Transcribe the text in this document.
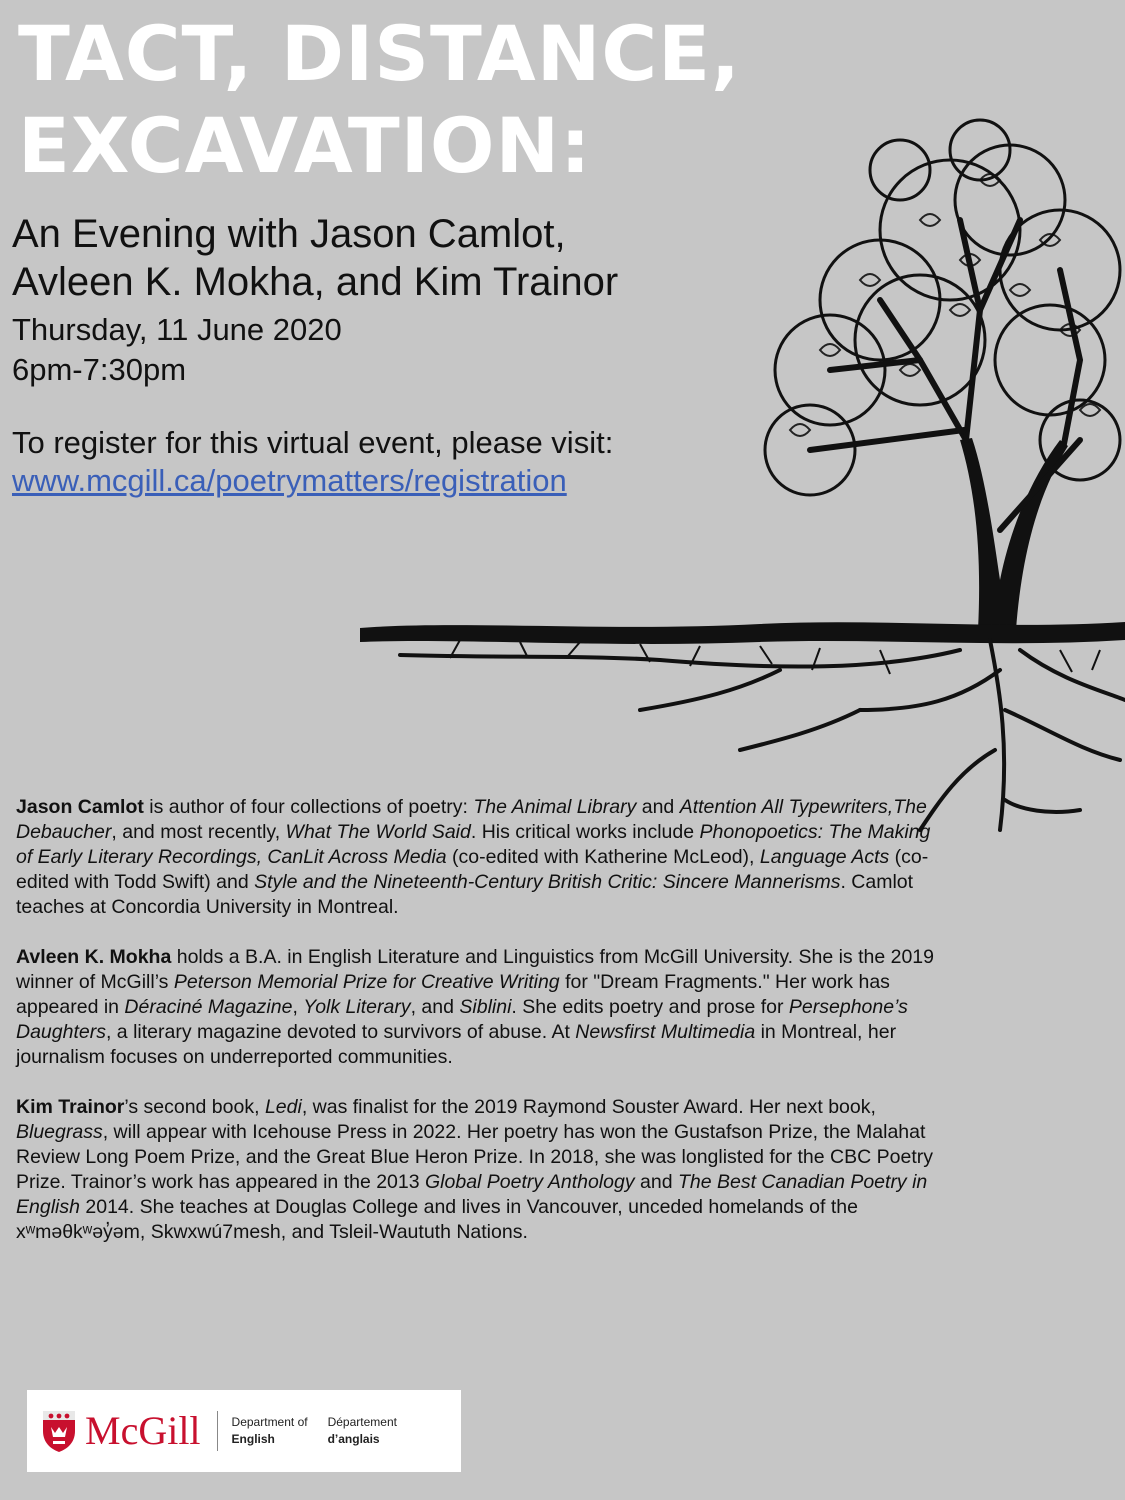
TACT, DISTANCE,
EXCAVATION:
An Evening with Jason Camlot,
Avleen K. Mokha, and Kim Trainor
Thursday, 11 June 2020
6pm-7:30pm
To register for this virtual event, please visit:
www.mcgill.ca/poetrymatters/registration

Jason Camlot is author of four collections of poetry: The Animal Library and Attention All Typewriters,The Debaucher, and most recently, What The World Said. His critical works include Phonopoetics: The Making of Early Literary Recordings, CanLit Across Media (co-edited with Katherine McLeod), Language Acts (co-edited with Todd Swift) and Style and the Nineteenth-Century British Critic: Sincere Mannerisms. Camlot teaches at Concordia University in Montreal.

Avleen K. Mokha holds a B.A. in English Literature and Linguistics from McGill University. She is the 2019 winner of McGill’s Peterson Memorial Prize for Creative Writing for "Dream Fragments." Her work has appeared in Déraciné Magazine, Yolk Literary, and Siblini. She edits poetry and prose for Persephone’s Daughters, a literary magazine devoted to survivors of abuse. At Newsfirst Multimedia in Montreal, her journalism focuses on underreported communities.

Kim Trainor’s second book, Ledi, was finalist for the 2019 Raymond Souster Award. Her next book, Bluegrass, will appear with Icehouse Press in 2022. Her poetry has won the Gustafson Prize, the Malahat Review Long Poem Prize, and the Great Blue Heron Prize. In 2018, she was longlisted for the CBC Poetry Prize. Trainor’s work has appeared in the 2013 Global Poetry Anthology and The Best Canadian Poetry in English 2014. She teaches at Douglas College and lives in Vancouver, unceded homelands of the xʷməθkʷəy̓əm, Skwxwú7mesh, and Tsleil-Waututh Nations.

McGill	Department of
English
Département
d’anglais
